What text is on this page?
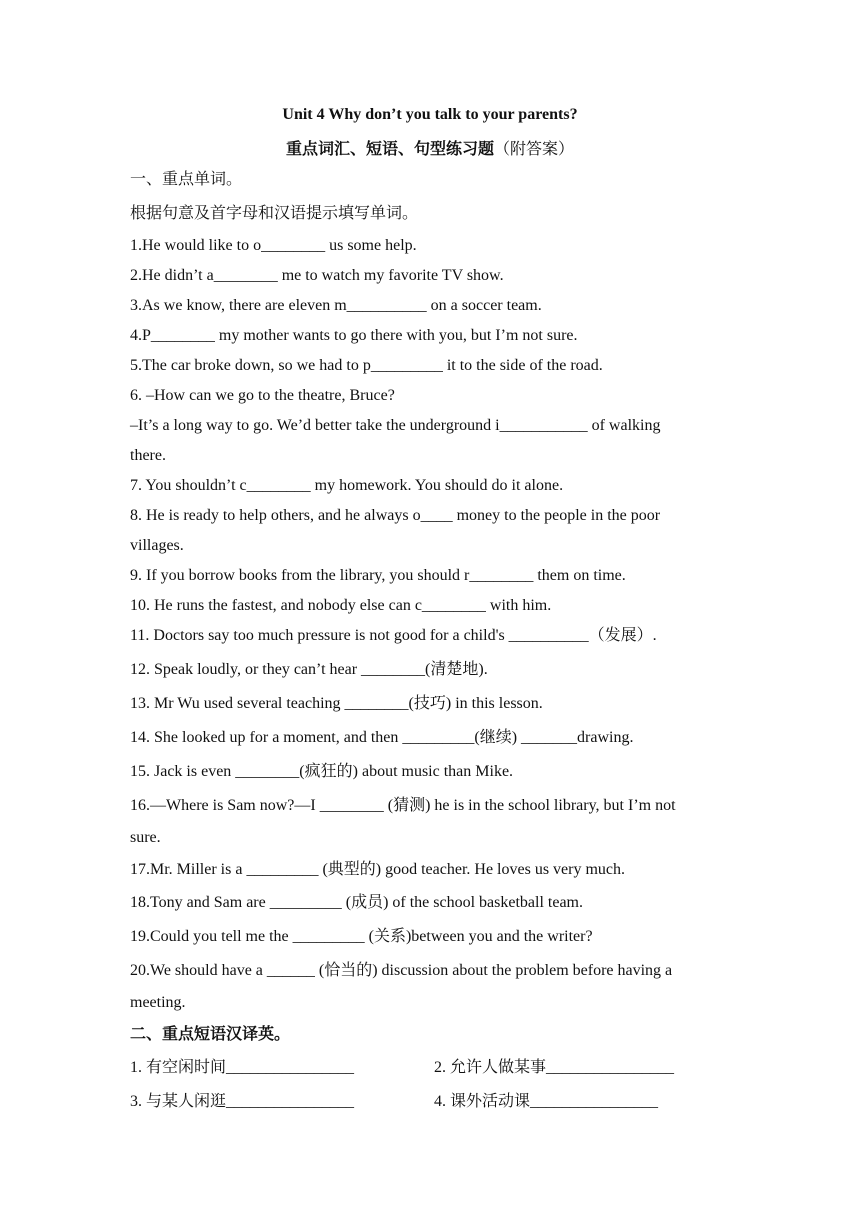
Unit 4 Why don’t you talk to your parents?
重点词汇、短语、句型练习题（附答案）
一、重点单词。
根据句意及首字母和汉语提示填写单词。
1.He would like to o________ us some help.
2.He didn’t a________ me to watch my favorite TV show.
3.As we know, there are eleven m__________ on a soccer team.
4.P________ my mother wants to go there with you, but I’m not sure.
5.The car broke down, so we had to p_________ it to the side of the road.
6. –How can we go to the theatre, Bruce?
–It’s a long way to go. We’d better take the underground i___________ of walking
there.
7. You shouldn’t c________ my homework. You should do it alone.
8. He is ready to help others, and he always o____ money to the people in the poor
villages.
9. If you borrow books from the library, you should r________ them on time.
10. He runs the fastest, and nobody else can c________ with him.
11. Doctors say too much pressure is not good for a child's __________（发展）.
12. Speak loudly, or they can’t hear ________(清楚地).
13. Mr Wu used several teaching ________(技巧) in this lesson.
14. She looked up for a moment, and then _________(继续) _______drawing.
15. Jack is even ________(疯狂的) about music than Mike.
16.—Where is Sam now?—I ________ (猜测) he is in the school library, but I’m not
sure.
17.Mr. Miller is a _________ (典型的) good teacher. He loves us very much.
18.Tony and Sam are _________ (成员) of the school basketball team.
19.Could you tell me the _________ (关系)between you and the writer?
20.We should have a ______ (恰当的) discussion about the problem before having a
meeting.
二、重点短语汉译英。
1. 有空闲时间________________	2. 允许人做某事________________
3. 与某人闲逛________________	4. 课外活动课________________
